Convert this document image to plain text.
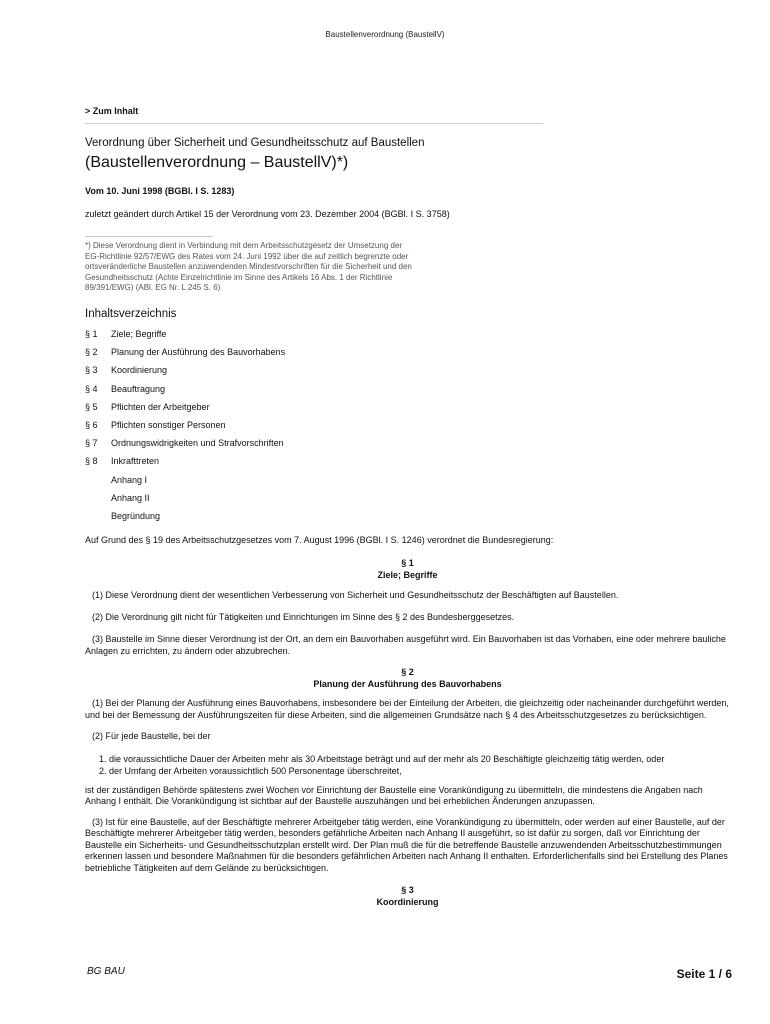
Baustellenverordnung (BaustellV)
> Zum Inhalt
Verordnung über Sicherheit und Gesundheitsschutz auf Baustellen
(Baustellenverordnung – BaustellV)*)
Vom 10. Juni 1998 (BGBl. I S. 1283)
zuletzt geändert durch Artikel 15 der Verordnung vom 23. Dezember 2004 (BGBl. I S. 3758)
*) Diese Verordnung dient in Verbindung mit dem Arbeitsschutzgesetz der Umsetzung der EG-Richtlinie 92/57/EWG des Rates vom 24. Juni 1992 über die auf zeitlich begrenzte oder ortsveränderliche Baustellen anzuwendenden Mindestvorschriften für die Sicherheit und den Gesundheitsschutz (Achte Einzelrichtlinie im Sinne des Artikels 16 Abs. 1 der Richtlinie 89/391/EWG) (ABl. EG Nr. L 245 S. 6)
Inhaltsverzeichnis
§ 1	Ziele; Begriffe
§ 2	Planung der Ausführung des Bauvorhabens
§ 3	Koordinierung
§ 4	Beauftragung
§ 5	Pflichten der Arbeitgeber
§ 6	Pflichten sonstiger Personen
§ 7	Ordnungswidrigkeiten und Strafvorschriften
§ 8	Inkrafttreten
Anhang I
Anhang II
Begründung
Auf Grund des § 19 des Arbeitsschutzgesetzes vom 7. August 1996 (BGBl. I S. 1246) verordnet die Bundesregierung:
§ 1
Ziele; Begriffe
(1) Diese Verordnung dient der wesentlichen Verbesserung von Sicherheit und Gesundheitsschutz der Beschäftigten auf Baustellen.
(2) Die Verordnung gilt nicht für Tätigkeiten und Einrichtungen im Sinne des § 2 des Bundesberggesetzes.
(3) Baustelle im Sinne dieser Verordnung ist der Ort, an dem ein Bauvorhaben ausgeführt wird. Ein Bauvorhaben ist das Vorhaben, eine oder mehrere bauliche Anlagen zu errichten, zu ändern oder abzubrechen.
§ 2
Planung der Ausführung des Bauvorhabens
(1) Bei der Planung der Ausführung eines Bauvorhabens, insbesondere bei der Einteilung der Arbeiten, die gleichzeitig oder nacheinander durchgeführt werden, und bei der Bemessung der Ausführungszeiten für diese Arbeiten, sind die allgemeinen Grundsätze nach § 4 des Arbeitsschutzgesetzes zu berücksichtigen.
(2) Für jede Baustelle, bei der
1. die voraussichtliche Dauer der Arbeiten mehr als 30 Arbeitstage beträgt und auf der mehr als 20 Beschäftigte gleichzeitig tätig werden, oder
2. der Umfang der Arbeiten voraussichtlich 500 Personentage überschreitet,
ist der zuständigen Behörde spätestens zwei Wochen vor Einrichtung der Baustelle eine Vorankündigung zu übermitteln, die mindestens die Angaben nach Anhang I enthält. Die Vorankündigung ist sichtbar auf der Baustelle auszuhängen und bei erheblichen Änderungen anzupassen.
(3) Ist für eine Baustelle, auf der Beschäftigte mehrerer Arbeitgeber tätig werden, eine Vorankündigung zu übermitteln, oder werden auf einer Baustelle, auf der Beschäftigte mehrerer Arbeitgeber tätig werden, besonders gefährliche Arbeiten nach Anhang II ausgeführt, so ist dafür zu sorgen, daß vor Einrichtung der Baustelle ein Sicherheits- und Gesundheitsschutzplan erstellt wird. Der Plan muß die für die betreffende Baustelle anzuwendenden Arbeitsschutzbestimmungen erkennen lassen und besondere Maßnahmen für die besonders gefährlichen Arbeiten nach Anhang II enthalten. Erforderlichenfalls sind bei Erstellung des Planes betriebliche Tätigkeiten auf dem Gelände zu berücksichtigen.
§ 3
Koordinierung
BG BAU	Seite 1 / 6
